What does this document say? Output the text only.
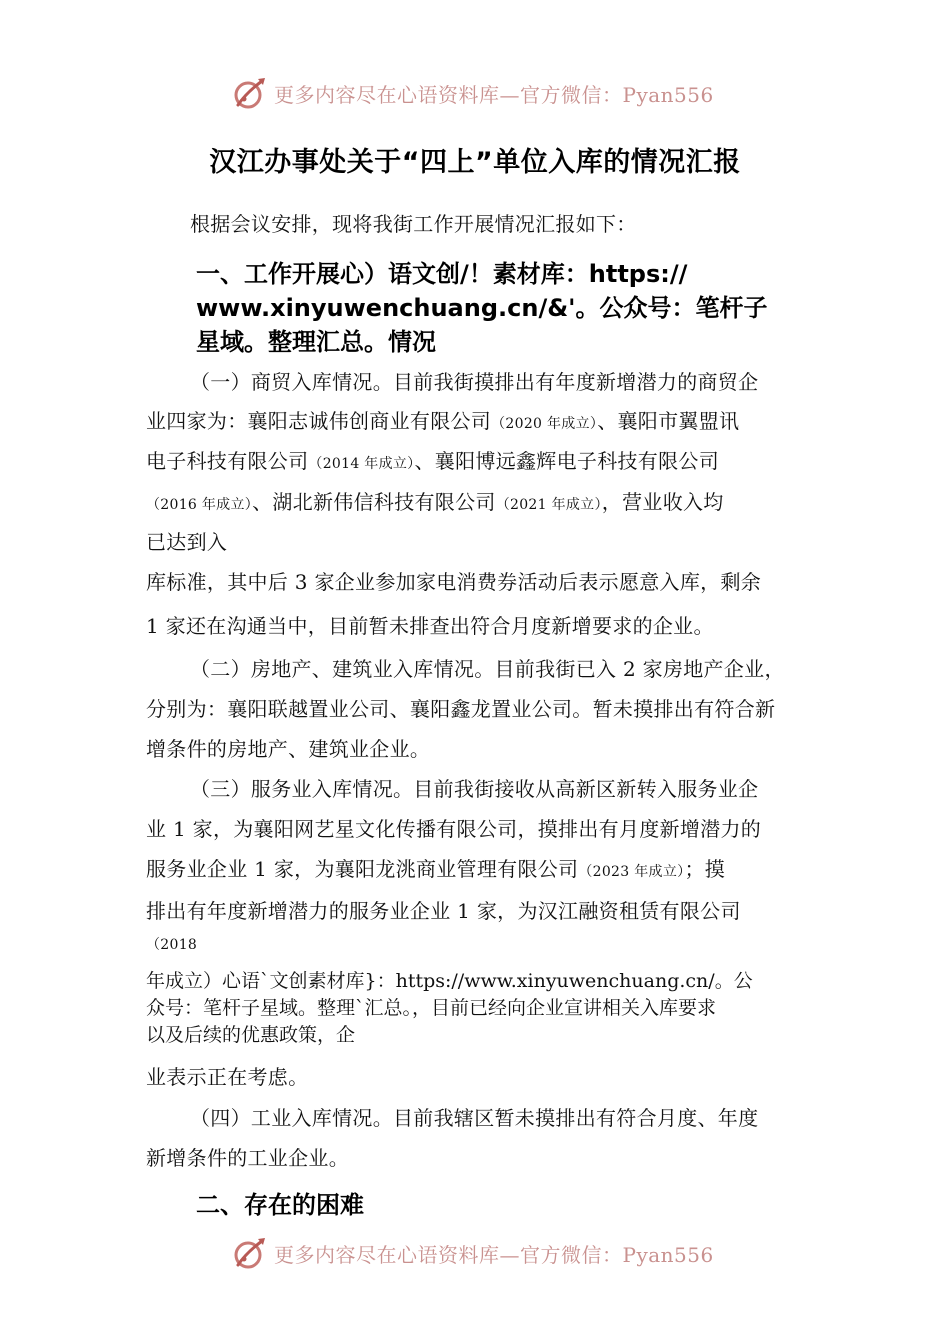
更多内容尽在心语资料库—官方微信：Pyan556
汉江办事处关于“四上”单位入库的情况汇报
根据会议安排，现将我街工作开展情况汇报如下：
一、工作开展心）语文创/！素材库：https://
www.xinyuwenchuang.cn/&'。公众号：笔杆子
星域。整理汇总。情况
（一）商贸入库情况。目前我街摸排出有年度新增潜力的商贸企
业四家为：襄阳志诚伟创商业有限公司（2020 年成立）、襄阳市翼盟讯
电子科技有限公司（2014 年成立）、襄阳博远鑫辉电子科技有限公司
（2016 年成立）、湖北新伟信科技有限公司（2021 年成立），营业收入均
已达到入
库标准，其中后 3 家企业参加家电消费券活动后表示愿意入库，剩余
1 家还在沟通当中，目前暂未排查出符合月度新增要求的企业。
（二）房地产、建筑业入库情况。目前我街已入 2 家房地产企业，
分别为：襄阳联越置业公司、襄阳鑫龙置业公司。暂未摸排出有符合新
增条件的房地产、建筑业企业。
（三）服务业入库情况。目前我街接收从高新区新转入服务业企
业 1 家，为襄阳网艺星文化传播有限公司，摸排出有月度新增潜力的
服务业企业 1 家，为襄阳龙洮商业管理有限公司（2023 年成立）；摸
排出有年度新增潜力的服务业企业 1 家，为汉江融资租赁有限公司
（2018
年成立）心语`文创素材库}：https://www.xinyuwenchuang.cn/。公
众号：笔杆子星域。整理`汇总。，目前已经向企业宣讲相关入库要求
以及后续的优惠政策，企
业表示正在考虑。
（四）工业入库情况。目前我辖区暂未摸排出有符合月度、年度
新增条件的工业企业。
二、存在的困难
更多内容尽在心语资料库—官方微信：Pyan556
